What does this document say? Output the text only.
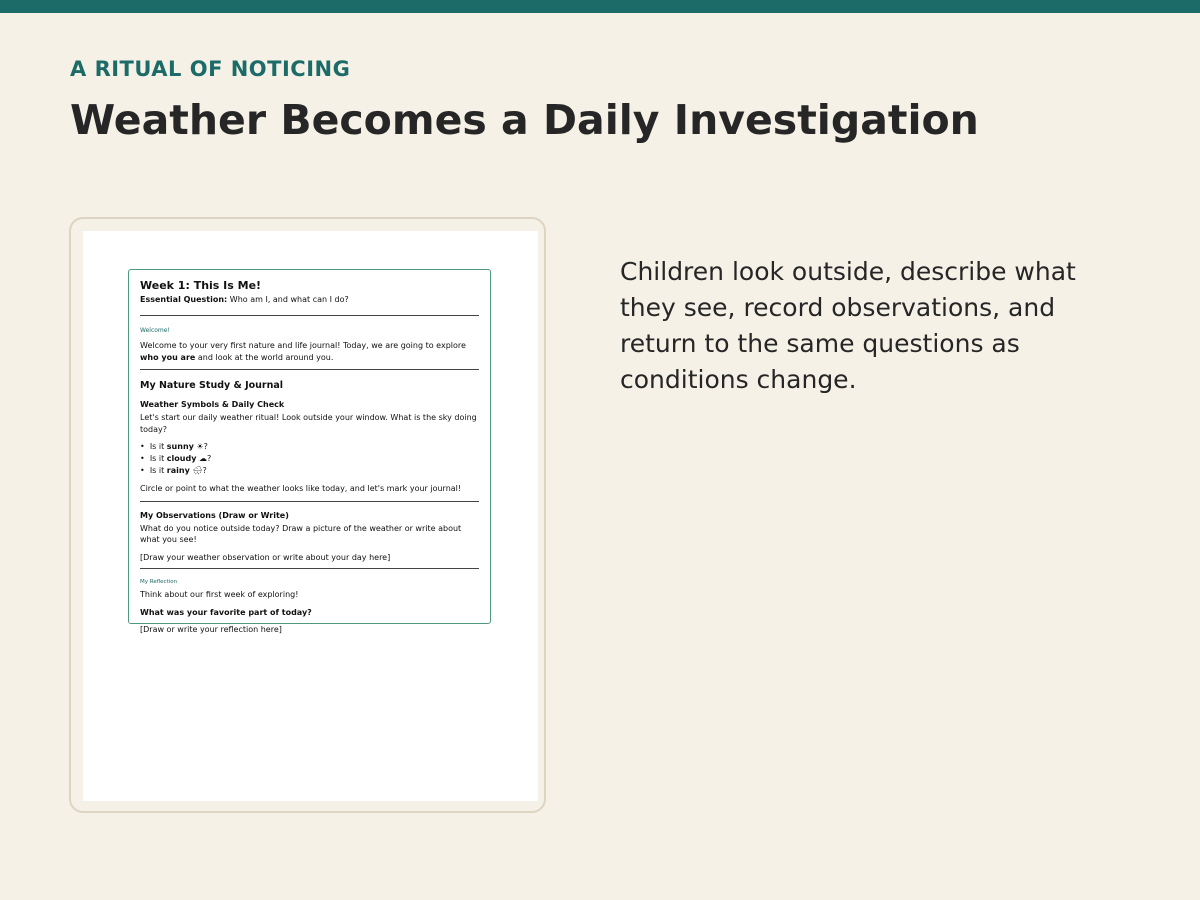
A RITUAL OF NOTICING
Weather Becomes a Daily Investigation
Week 1: This Is Me!
Essential Question: Who am I, and what can I do?
Welcome!

Welcome to your very first nature and life journal! Today, we are going to explore who you are and look at the world around you.

My Nature Study & Journal
Weather Symbols & Daily Check

Let's start our daily weather ritual! Look outside your window. What is the sky doing today?

•  Is it sunny ☀?
•  Is it cloudy ☁?
•  Is it rainy 🌧?

Circle or point to what the weather looks like today, and let's mark your journal!

My Observations (Draw or Write)

What do you notice outside today? Draw a picture of the weather or write about what you see!

[Draw your weather observation or write about your day here]

My Reflection

Think about our first week of exploring!

What was your favorite part of today?

[Draw or write your reflection here]

Children look outside, describe what they see, record observations, and return to the same questions as conditions change.
